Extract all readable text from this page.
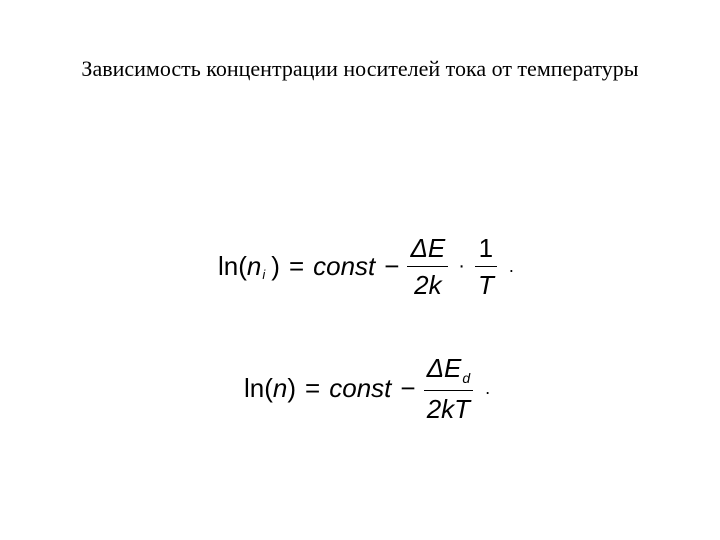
Зависимость концентрации носителей тока от температуры
ln( n i ) = const − $\frac{\Delta E}{2k} \cdot \frac{1}{T}$ .
ln( n ) = const − $\frac{\Delta E_d}{2kT}$ .
